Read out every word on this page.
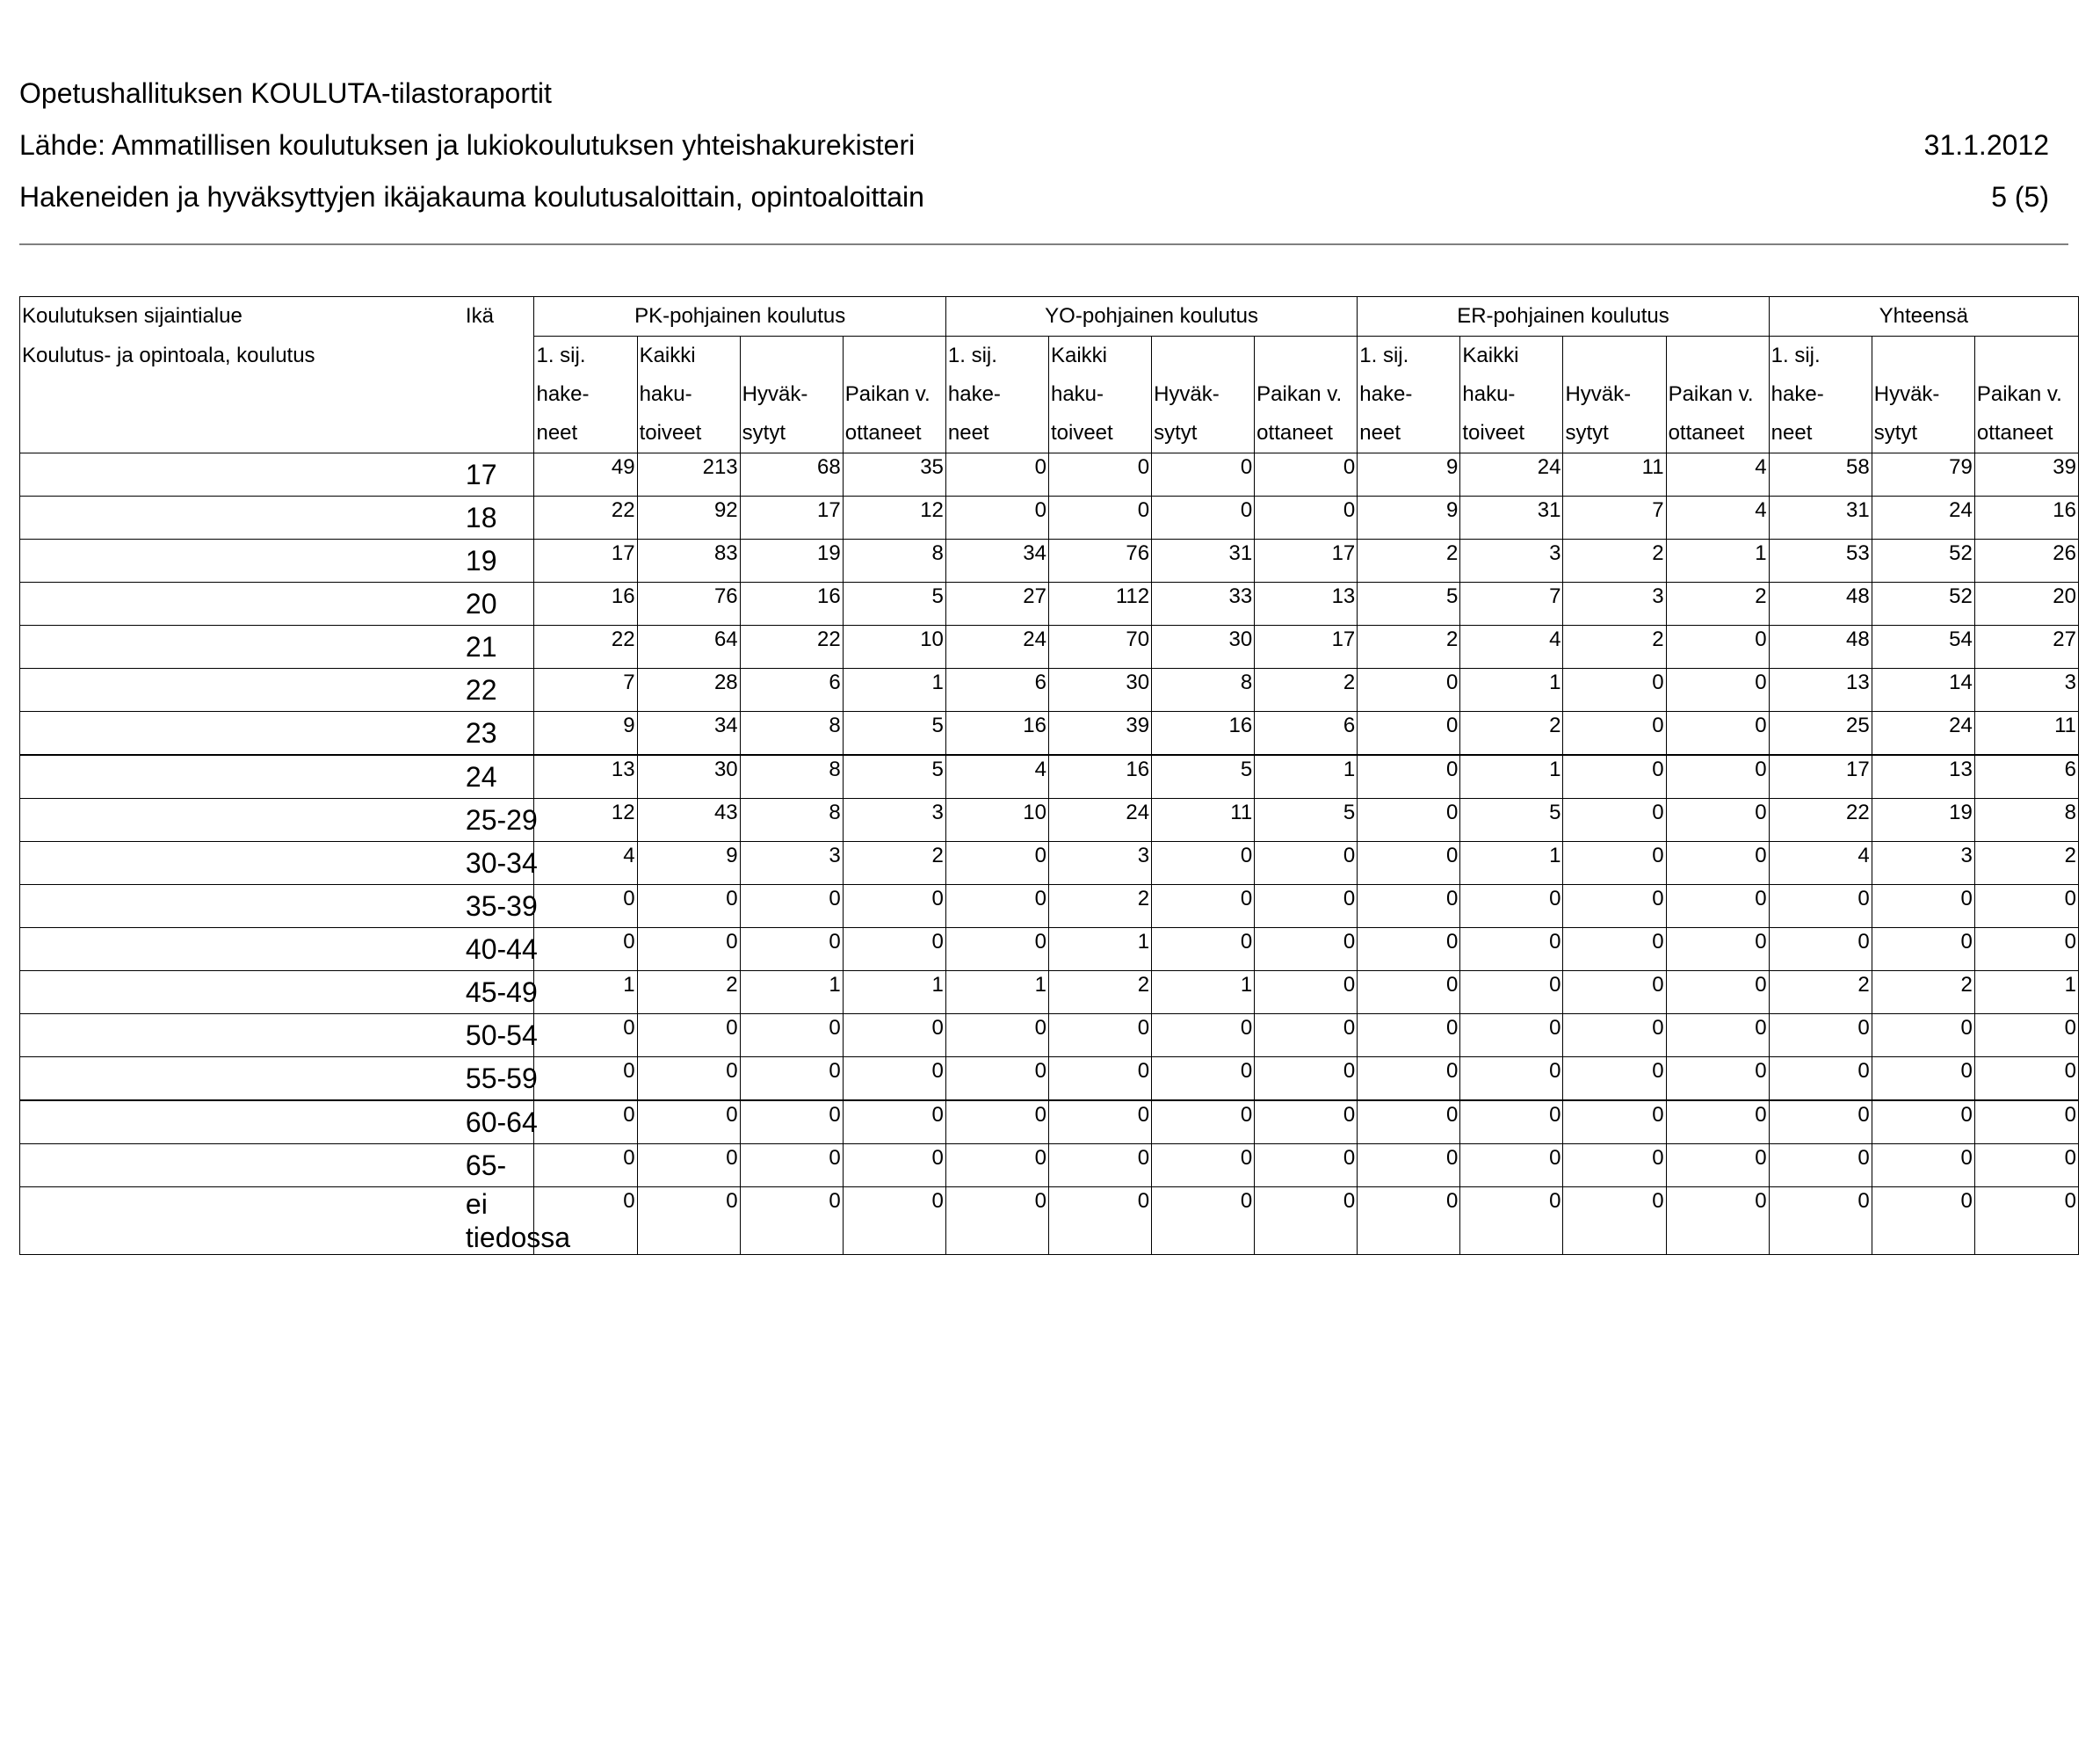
Opetushallituksen KOULUTA-tilastoraportit
Lähde: Ammatillisen koulutuksen ja lukiokoulutuksen yhteishakurekisteri	31.1.2012
Hakeneiden ja hyväksyttyjen ikäjakauma koulutusaloittain, opintoaloittain	5 (5)
Koulutuksen sijaintialue	Ikä	PK-pohjainen koulutus				YO-pohjainen koulutus				ER-pohjainen koulutus				Yhteensä		
Koulutus- ja opintoala, koulutus		1. sij.
hake-
neet	Kaikki
haku-
toiveet	Hyväk-
sytyt	Paikan v.
ottaneet	1. sij.
hake-
neet	Kaikki
haku-
toiveet	Hyväk-
sytyt	Paikan v.
ottaneet	1. sij.
hake-
neet	Kaikki
haku-
toiveet	Hyväk-
sytyt	Paikan v.
ottaneet	1. sij.
hake-
neet	Hyväk-
sytyt	Paikan v.
ottaneet

	17	49	213	68	35	0	0	0	0	9	24	11	4	58	79	39
	18	22	92	17	12	0	0	0	0	9	31	7	4	31	24	16
	19	17	83	19	8	34	76	31	17	2	3	2	1	53	52	26
	20	16	76	16	5	27	112	33	13	5	7	3	2	48	52	20
	21	22	64	22	10	24	70	30	17	2	4	2	0	48	54	27
	22	7	28	6	1	6	30	8	2	0	1	0	0	13	14	3
	23	9	34	8	5	16	39	16	6	0	2	0	0	25	24	11
	24	13	30	8	5	4	16	5	1	0	1	0	0	17	13	6
	25-29	12	43	8	3	10	24	11	5	0	5	0	0	22	19	8
	30-34	4	9	3	2	0	3	0	0	0	1	0	0	4	3	2
	35-39	0	0	0	0	0	2	0	0	0	0	0	0	0	0	0
	40-44	0	0	0	0	0	1	0	0	0	0	0	0	0	0	0
	45-49	1	2	1	1	1	2	1	0	0	0	0	0	2	2	1
	50-54	0	0	0	0	0	0	0	0	0	0	0	0	0	0	0
	55-59	0	0	0	0	0	0	0	0	0	0	0	0	0	0	0
	60-64	0	0	0	0	0	0	0	0	0	0	0	0	0	0	0
	65-	0	0	0	0	0	0	0	0	0	0	0	0	0	0	0
	ei
tiedossa	0	0	0	0	0	0	0	0	0	0	0	0	0	0	0
